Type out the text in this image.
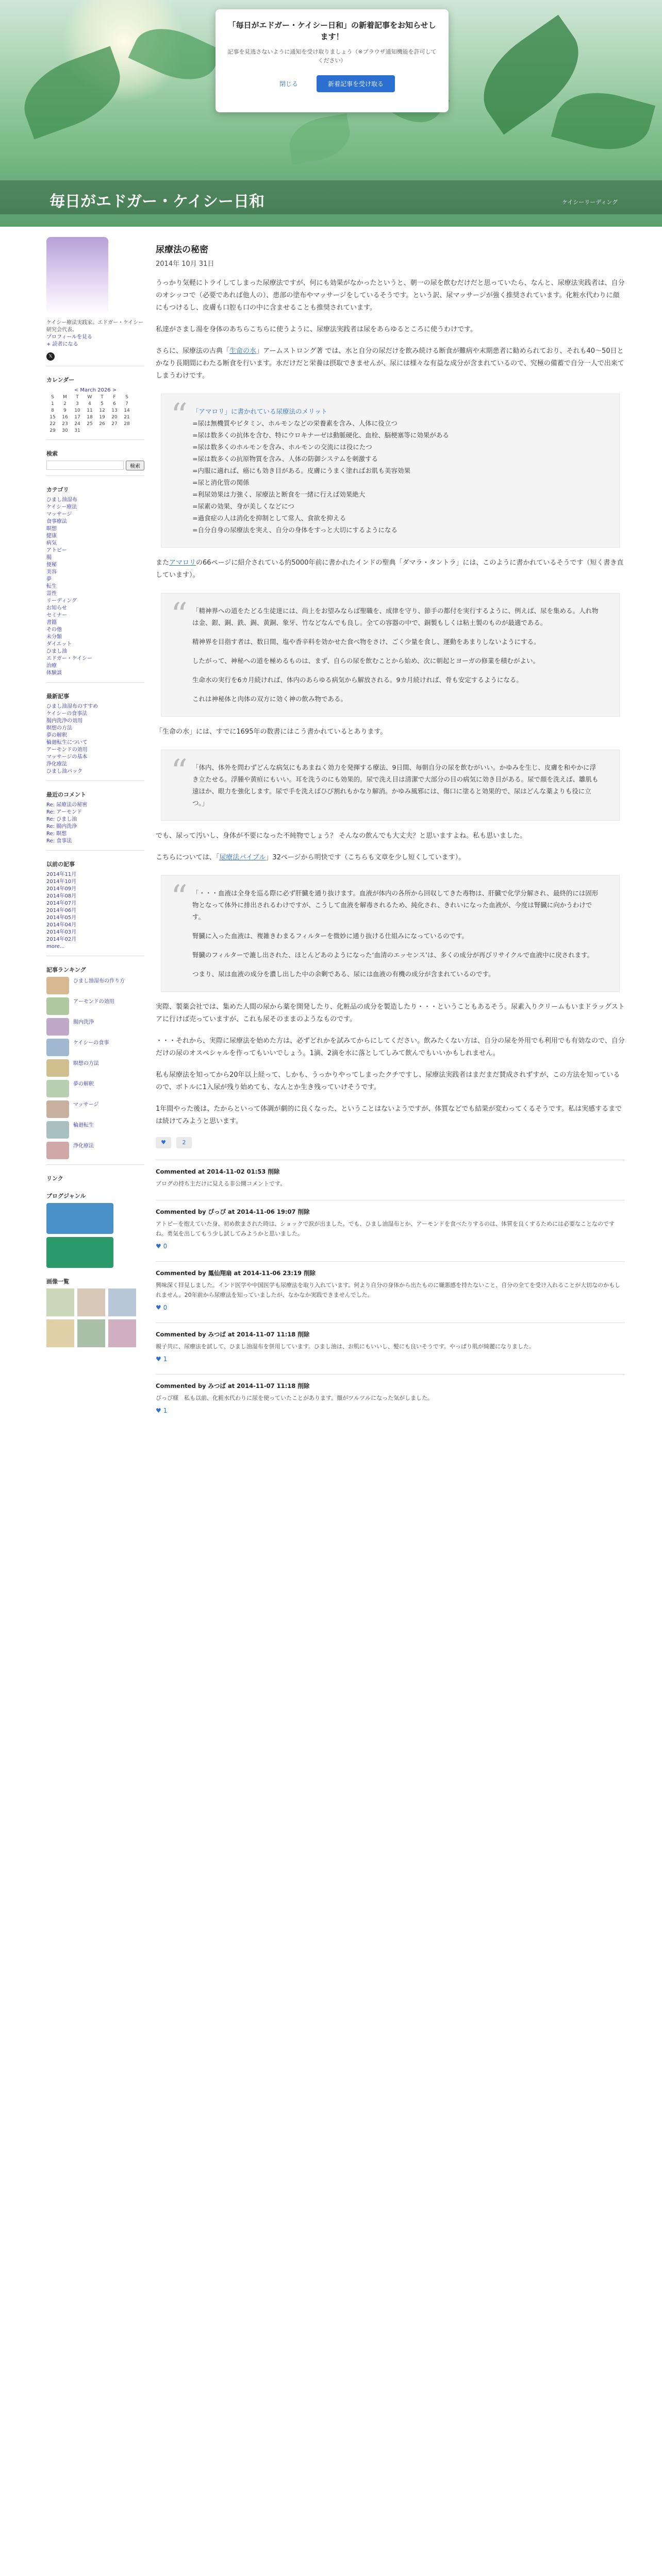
毎日がエドガー・ケイシー日和	ケイシーリーディング
「毎日がエドガー・ケイシー日和」の新着記事をお知らせします！
記事を見逃さないように通知を受け取りましょう（※ブラウザ通知機能を許可してください）
閉じる	新着記事を受け取る
ケイシー療法実践家。エドガー・ケイシー研究会代表。
プロフィールを見る
+ 読者になる
𝕏
カレンダー
< March 2026 >
S	M	T	W	T	F	S
1	2	3	4	5	6	7
8	9	10	11	12	13	14
15	16	17	18	19	20	21
22	23	24	25	26	27	28
29	30	31				
検索
検索
カテゴリ
ひまし油湿布
ケイシー療法
マッサージ
食事療法
瞑想
健康
病気
アトピー
腸
便秘
美容
夢
転生
霊性
リーディング
お知らせ
セミナー
書籍
その他
未分類
ダイエット
ひまし油
エドガー・ケイシー
治療
体験談
最新記事
ひまし油湿布のすすめ
ケイシーの食事法
腸内洗浄の効用
瞑想の方法
夢の解釈
輪廻転生について
アーモンドの効用
マッサージの基本
浄化療法
ひまし油パック
最近のコメント
Re: 尿療法の秘密
Re: アーモンド
Re: ひまし油
Re: 腸内洗浄
Re: 瞑想
Re: 食事法
以前の記事
2014年11月
2014年10月
2014年09月
2014年08月
2014年07月
2014年06月
2014年05月
2014年04月
2014年03月
2014年02月
more...
記事ランキング
ひまし油湿布の作り方
アーモンドの効用
腸内洗浄
ケイシーの食事
瞑想の方法
夢の解釈
マッサージ
輪廻転生
浄化療法
リンク
ブログジャンル
画像一覧
尿療法の秘密
2014年 10月 31日

うっかり気軽にトライしてしまった尿療法ですが、何にも効果がなかったというと、朝一の尿を飲むだけだと思っていたら、なんと、尿療法実践者は、自分のオシッコで（必要であれば他人の）、患部の塗布やマッサージをしているそうです。という訳、尿マッサージが強く推奨されています。化粧水代わりに顔にもつけるし、皮膚も口腔も口の中に含ませることも推奨されています。

私達がさまし湯を身体のあちらこちらに使うように、尿療法実践者は尿をあらゆるところに使うわけです。

さらに、尿療法の古典「生命の水」アームストロング著 では、水と自分の尿だけを飲み続ける断食が難病や末期患者に勧められており、それも40～50日とかなり長期間にわたる断食を行います。水だけだと栄養は摂取できませんが、尿には様々な有益な成分が含まれているので、究極の備蓄で自分一人で出来てしまうわけです。

“ 「アマロリ」に書かれている尿療法のメリット
=尿は無機質やビタミン、ホルモンなどの栄養素を含み、人体に役立つ
=尿は数多くの抗体を含む、特にウロキナーゼは動脈硬化、血栓、脳梗塞等に効果がある
=尿は数多くのホルモンを含み、ホルモンの交流には役にたつ
=尿は数多くの抗原物質を含み、人体の防御システムを刺激する
=内服に適れば、癌にも効き目がある。皮膚にうまく塗ればお肌も美容効果
=尿と消化管の関係
=利尿効果は力強く、尿療法と断食を一緒に行えば効果絶大
=尿素の効果、身が美しくなどにつ
=過食症の人は消化を抑制として常人、食欲を抑える
=自分自身の尿療法を実え、自分の身体をすっと大切にするようになる

またアマロリの66ページに紹介されている約5000年前に書かれたインドの聖典「ダマラ・タントラ」には、このように書かれているそうです（短く書き直しています）。

“ 「精神界への道をたどる生徒達には、尚上をお望みならば聖職を、成律を守り、節手の都付を実行するように、例えば、尿を集める。人れ物は金、銀、銅、鉄、錫、黄銅、象牙、竹などなんでも良し。全ての容器の中で、銅製もしくは粘土製のものが最適である。
精神界を目指す者は、数日間、塩や香辛料を効かせた食べ物をさけ、ごく少量を食し、運動をあまりしないようにする。
したがって、神秘への道を極めるものは、まず、自らの尿を飲むことから始め、次に朝起とヨーガの修業を積むがよい。
生命水の実行を6カ月続ければ、体内のあらゆる病気から解放される。9カ月続ければ、骨も安定するようになる。
これは神秘体と肉体の双方に効く神の飲み物である。

「生命の水」には、すでに1695年の数書にはこう書かれているとあります。

“ 「体内、体外を問わずどんな病気にもあまねく効力を発揮する療法、9日間、毎朝自分の尿を飲むがいい。かゆみを生じ、皮膚を和やかに浮き立たせる。浮腫や黄疸にもいい。耳を洗うのにも効果的。尿で洗え目は清潔で大部分の目の病気に効き目がある。尿で顔を洗えば、雛肌も遠ほか、眼力を強化します。尿で手を洗えばひび割れもかなり解消。かゆみ風邪には、傷口に塗ると効果的で、尿はどんな薬よりも役に立つ。」

でも、尿って汚いし、身体が不要になった不純物でしょう？ そんなの飲んでも大丈夫？と思いますよね。私も思いました。

こちらについては、「尿療法バイブル」32ページから明快です（こちらも文章を少し短くしています）。

“ 「・・・血液は全身を巡る際に必ず肝臓を通り抜けます。血液が体内の各所から回収してきた毒物は、肝臓で化学分解され、最終的には固形物となって体外に排出されるわけですが、こうして血液を解毒されるため、純化され、きれいになった血液が、今度は腎臓に向かうわけです。
腎臓に入った血液は、複雑きわまるフィルターを微妙に通り抜ける仕組みになっているのです。
腎臓のフィルターで漉し出された、ほとんどあのようになった‘血清のエッセンス’は、多くの成分が再びリサイクルで血液中に戻されます。
つまり、尿は血液の成分を濃し出した中の余剰である、尿には血液の有機の成分が含まれているのです。

実際、製薬会社では、集めた人間の尿から薬を開発したり、化粧品の成分を製造したり・・・ということもあるそう。尿素入りクリームもいまドラッグストアに行けば売っていますが、これも尿そのままのようなものです。

・・・それから、実際に尿療法を始めた方は、必ずどれかを試みてからにしてください。飲みたくない方は、自分の尿を外用でも利用でも有効なので、自分だけの尿のオスペシャルを作ってもいいでしょう。1滴、2滴を水に落としてしみて飲んでもいいかもしれません。

私も尿療法を知ってから20年以上経って、しかも、うっかりやってしまったクチですし、尿療法実践者はまだまだ賛成されずすが、この方法を知っているので、ボトルに1入尿が残り始めても、なんとか生き残っていけそうです。

1年間やった後は、たからといって体調が劇的に良くなった、ということはないようですが、体質などでも結果が変わってくるそうです。私は実感するまでは続けてみようと思います。

♥	2
Commented at 2014-11-02 01:53 削除
ブログの持ち主だけに見える非公開コメントです。
Commented by ぴっぴ at 2014-11-06 19:07 削除
アトピーを抱えていた身、初め飲まされた時は、ショックで涙が出ました。でも、ひまし油湿布とか、アーモンドを食べたりするのは、体質を良くするためには必要なことなのですね。勇気を出してもう少し試してみようかと思いました。
♥ 0
Commented by 鳳仙翔扇 at 2014-11-06 23:19 削除
興味深く拝見しました。インド医学や中国医学も尿療法を取り入れています。何より自分の身体から出たものに嫌悪感を持たないこと、自分の全てを受け入れることが大切なのかもしれません。20年前から尿療法を知っていましたが、なかなか実践できませんでした。
♥ 0
Commented by みつば at 2014-11-07 11:18 削除
親子共に、尿療法を試して、ひまし油湿布を併用しています。ひまし油は、お肌にもいいし、髪にも良いそうです。やっぱり肌が綺麗になりました。
♥ 1
Commented by みつば at 2014-11-07 11:18 削除
ぴっぴ様　私も以前、化粧水代わりに尿を使っていたことがあります。顔がツルツルになった気がしました。
♥ 1
